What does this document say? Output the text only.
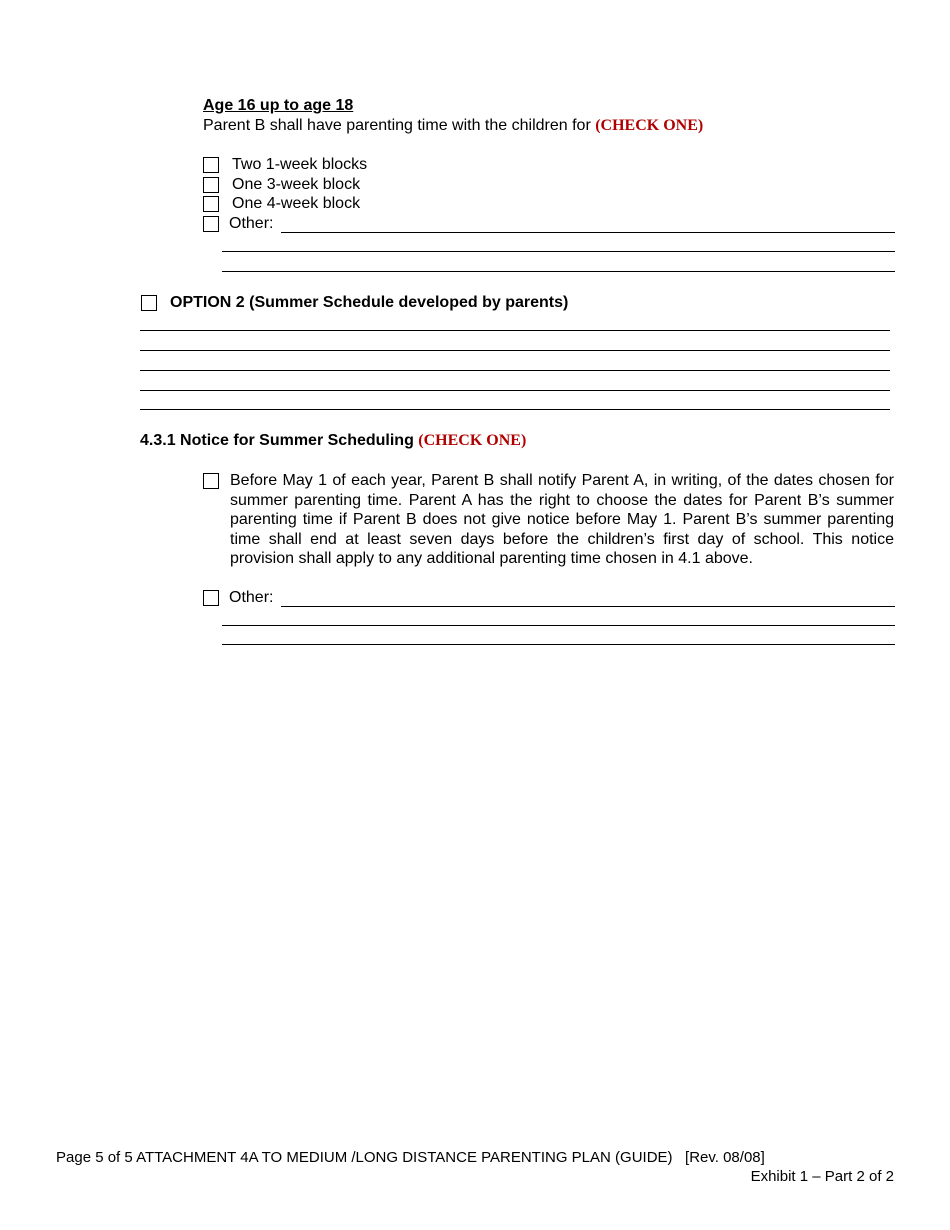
Age 16 up to age 18
Parent B shall have parenting time with the children for (CHECK ONE)
Two 1-week blocks
One 3-week block
One 4-week block
Other:
OPTION 2 (Summer Schedule developed by parents)
4.3.1 Notice for Summer Scheduling (CHECK ONE)
Before May 1 of each year, Parent B shall notify Parent A, in writing, of the dates chosen for summer parenting time. Parent A has the right to choose the dates for Parent B’s summer parenting time if Parent B does not give notice before May 1. Parent B’s summer parenting time shall end at least seven days before the children’s first day of school. This notice provision shall apply to any additional parenting time chosen in 4.1 above.
Other:
Page 5 of 5 ATTACHMENT 4A TO MEDIUM /LONG DISTANCE PARENTING PLAN (GUIDE)   [Rev. 08/08]
Exhibit 1 – Part 2 of 2
